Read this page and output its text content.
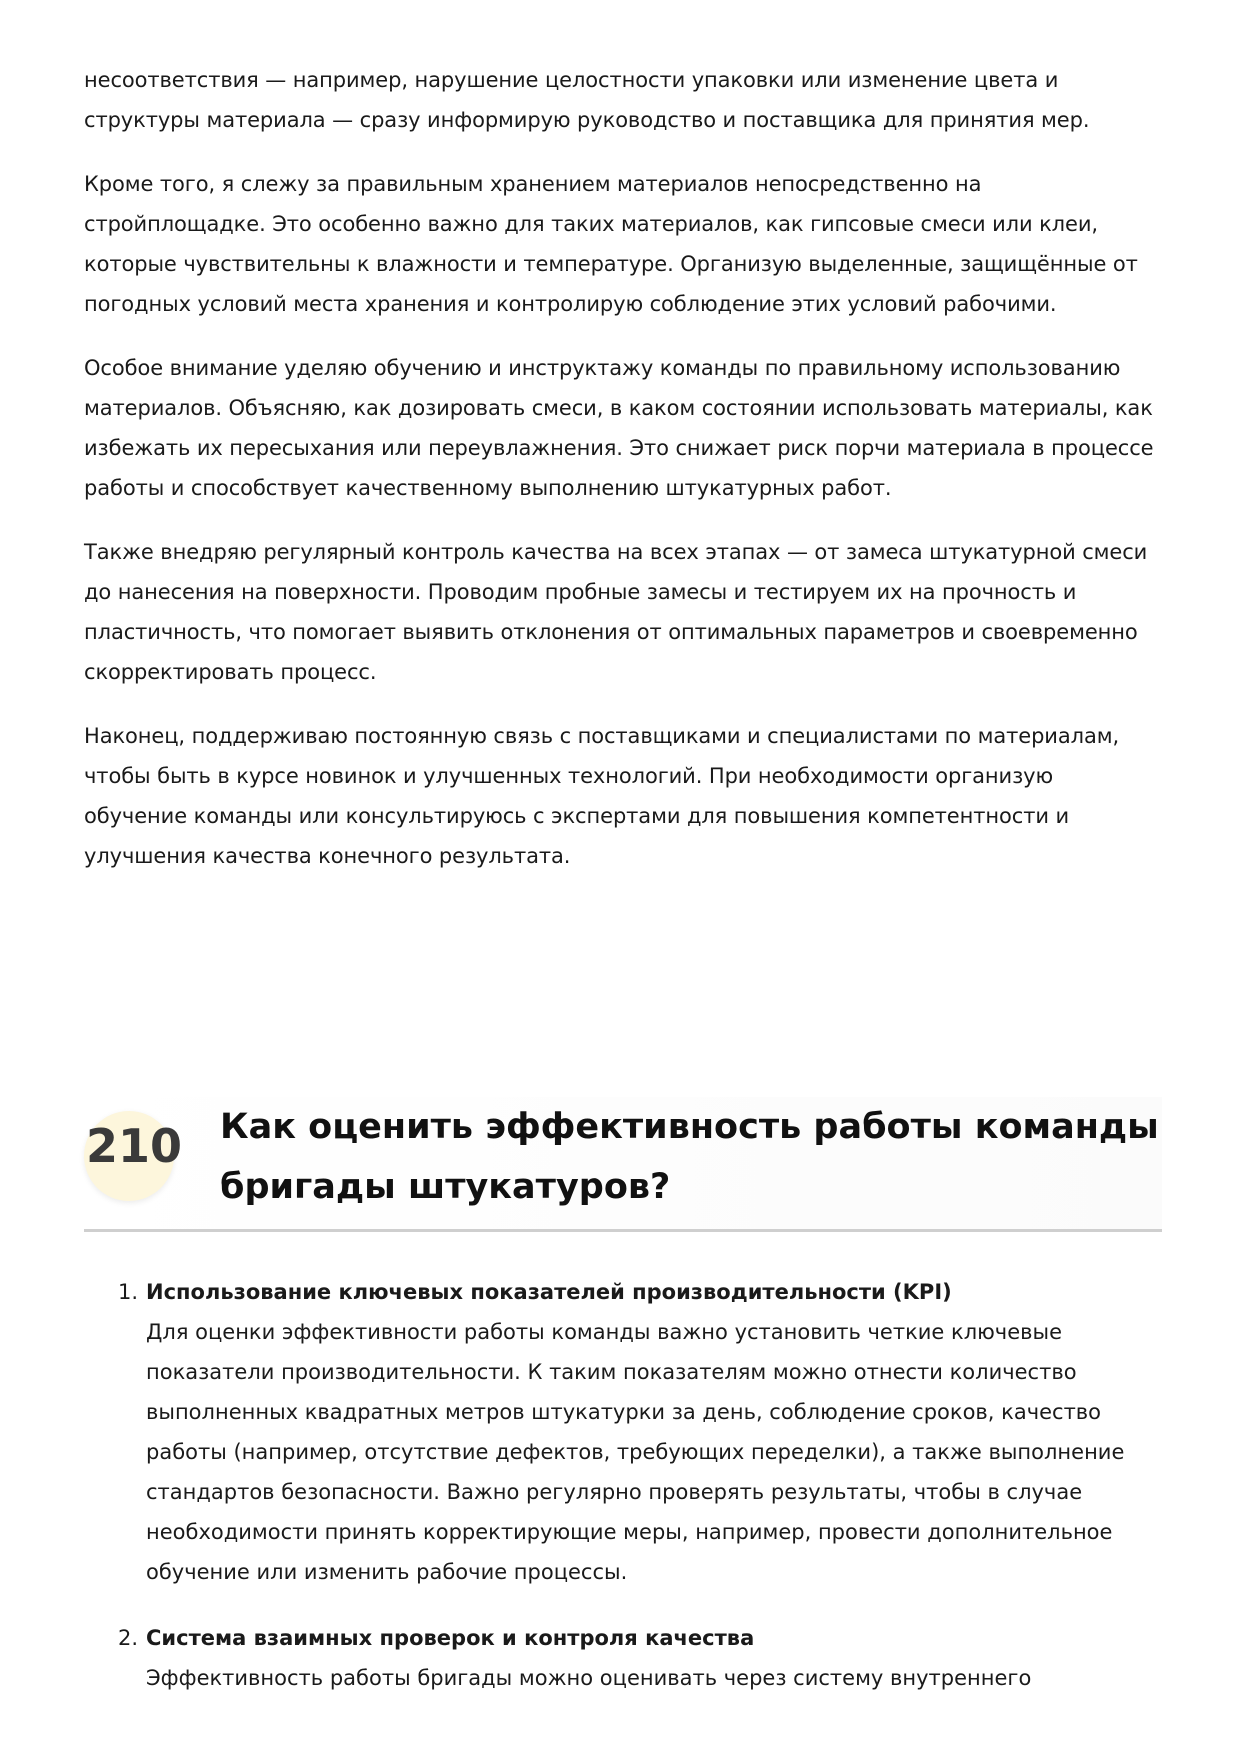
несоответствия — например, нарушение целостности упаковки или изменение цвета и структуры материала — сразу информирую руководство и поставщика для принятия мер.

Кроме того, я слежу за правильным хранением материалов непосредственно на стройплощадке. Это особенно важно для таких материалов, как гипсовые смеси или клеи, которые чувствительны к влажности и температуре. Организую выделенные, защищённые от погодных условий места хранения и контролирую соблюдение этих условий рабочими.

Особое внимание уделяю обучению и инструктажу команды по правильному использованию материалов. Объясняю, как дозировать смеси, в каком состоянии использовать материалы, как избежать их пересыхания или переувлажнения. Это снижает риск порчи материала в процессе работы и способствует качественному выполнению штукатурных работ.

Также внедряю регулярный контроль качества на всех этапах — от замеса штукатурной смеси до нанесения на поверхности. Проводим пробные замесы и тестируем их на прочность и пластичность, что помогает выявить отклонения от оптимальных параметров и своевременно скорректировать процесс.

Наконец, поддерживаю постоянную связь с поставщиками и специалистами по материалам, чтобы быть в курсе новинок и улучшенных технологий. При необходимости организую обучение команды или консультируюсь с экспертами для повышения компетентности и улучшения качества конечного результата.

210 Как оценить эффективность работы команды бригады штукатуров?
1. Использование ключевых показателей производительности (KPI)
Для оценки эффективности работы команды важно установить четкие ключевые показатели производительности. К таким показателям можно отнести количество выполненных квадратных метров штукатурки за день, соблюдение сроков, качество работы (например, отсутствие дефектов, требующих переделки), а также выполнение стандартов безопасности. Важно регулярно проверять результаты, чтобы в случае необходимости принять корректирующие меры, например, провести дополнительное обучение или изменить рабочие процессы.
2. Система взаимных проверок и контроля качества
Эффективность работы бригады можно оценивать через систему внутреннего
